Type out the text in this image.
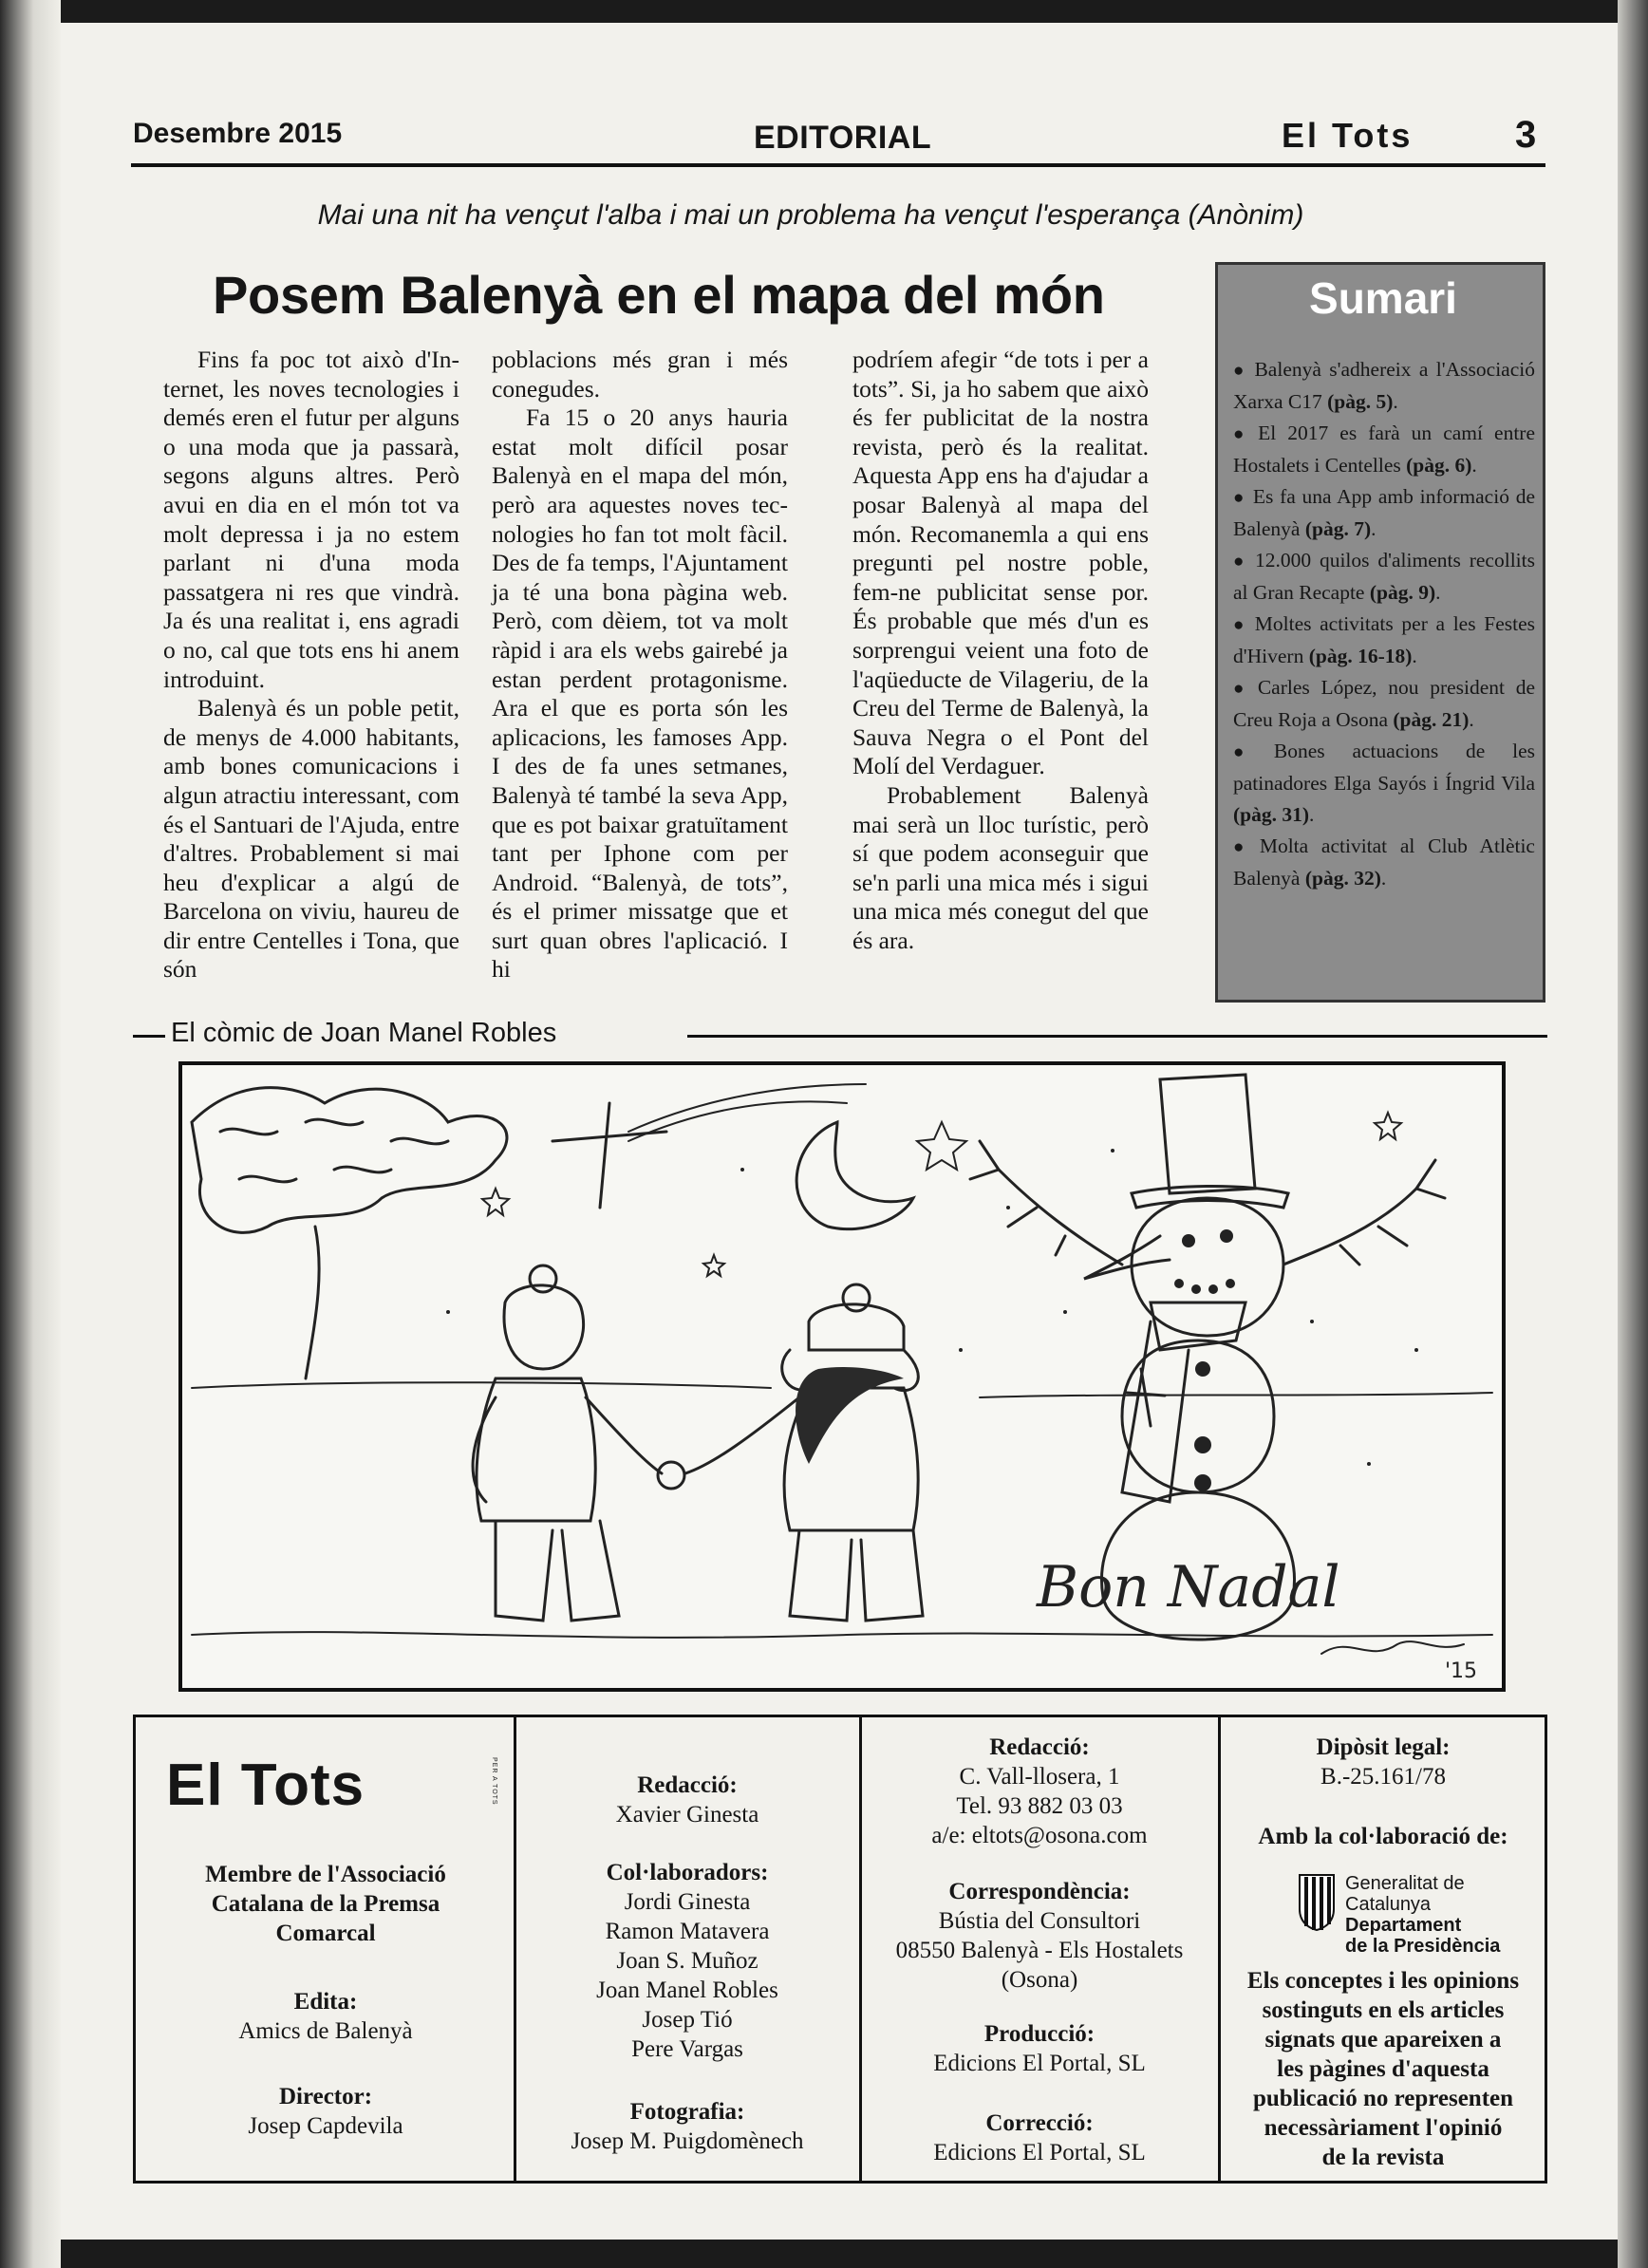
Desembre 2015	EDITORIAL	El Tots	3
Mai una nit ha vençut l'alba i mai un problema ha vençut l'esperança (Anònim)
Posem Balenyà en el mapa del món

Fins fa poc tot això d'Internet, les noves tecnologies i demés eren el futur per alguns o una moda que ja passarà, segons alguns altres. Però avui en dia en el món tot va molt depressa i ja no estem parlant ni d'una moda passatgera ni res que vindrà. Ja és una realitat i, ens agradi o no, cal que tots ens hi anem introduint.

Balenyà és un poble petit, de menys de 4.000 habitants, amb bones comunicacions i algun atractiu interessant, com és el Santuari de l'Ajuda, entre d'altres. Probablement si mai heu d'explicar a algú de Barcelona on viviu, haureu de dir entre Centelles i Tona, que són

poblacions més gran i més conegudes.

Fa 15 o 20 anys hauria estat molt difícil posar Balenyà en el mapa del món, però ara aquestes noves tecnologies ho fan tot molt fàcil. Des de fa temps, l'Ajuntament ja té una bona pàgina web. Però, com dèiem, tot va molt ràpid i ara els webs gairebé ja estan perdent protagonisme. Ara el que es porta són les aplicacions, les famoses App. I des de fa unes setmanes, Balenyà té també la seva App, que es pot baixar gratuïtament tant per Iphone com per Android. “Balenyà, de tots”, és el primer missatge que et surt quan obres l'aplicació. I hi

podríem afegir “de tots i per a tots”. Si, ja ho sabem que això és fer publicitat de la nostra revista, però és la realitat. Aquesta App ens ha d'ajudar a posar Balenyà al mapa del món. Recomanemla a qui ens pregunti pel nostre poble, fem-ne publicitat sense por. És probable que més d'un es sorprengui veient una foto de l'aqüeducte de Vilageriu, de la Creu del Terme de Balenyà, la Sauva Negra o el Pont del Molí del Verdaguer.

Probablement Balenyà mai serà un lloc turístic, però sí que podem aconseguir que se'n parli una mica més i sigui una mica més conegut del que és ara.

Sumari
● Balenyà s'adhereix a l'Associació Xarxa C17 (pàg. 5).
● El 2017 es farà un camí entre Hostalets i Centelles (pàg. 6).
● Es fa una App amb informació de Balenyà (pàg. 7).
● 12.000 quilos d'aliments recollits al Gran Recapte (pàg. 9).
● Moltes activitats per a les Festes d'Hivern (pàg. 16-18).
● Carles López, nou president de Creu Roja a Osona (pàg. 21).
● Bones actuacions de les patinadores Elga Sayós i Íngrid Vila (pàg. 31).
● Molta activitat al Club Atlètic Balenyà (pàg. 32).
El còmic de Joan Manel Robles
Bon Nadal
'15
El Tots	PER A TOTS
Membre de l'Associació
Catalana de la Premsa
Comarcal
Edita:
Amics de Balenyà
Director:
Josep Capdevila
Redacció:
Xavier Ginesta
Col·laboradors:
Jordi Ginesta
Ramon Matavera
Joan S. Muñoz
Joan Manel Robles
Josep Tió
Pere Vargas
Fotografia:
Josep M. Puigdomènech
Redacció:
C. Vall-llosera, 1
Tel. 93 882 03 03
a/e: eltots@osona.com
Correspondència:
Bústia del Consultori
08550 Balenyà - Els Hostalets
(Osona)
Producció:
Edicions El Portal, SL
Correcció:
Edicions El Portal, SL
Dipòsit legal:
B.-25.161/78
Amb la col·laboració de:
Generalitat de Catalunya
Departament
de la Presidència
Els conceptes i les opinions
sostinguts en els articles
signats que apareixen a
les pàgines d'aquesta
publicació no representen
necessàriament l'opinió
de la revista
